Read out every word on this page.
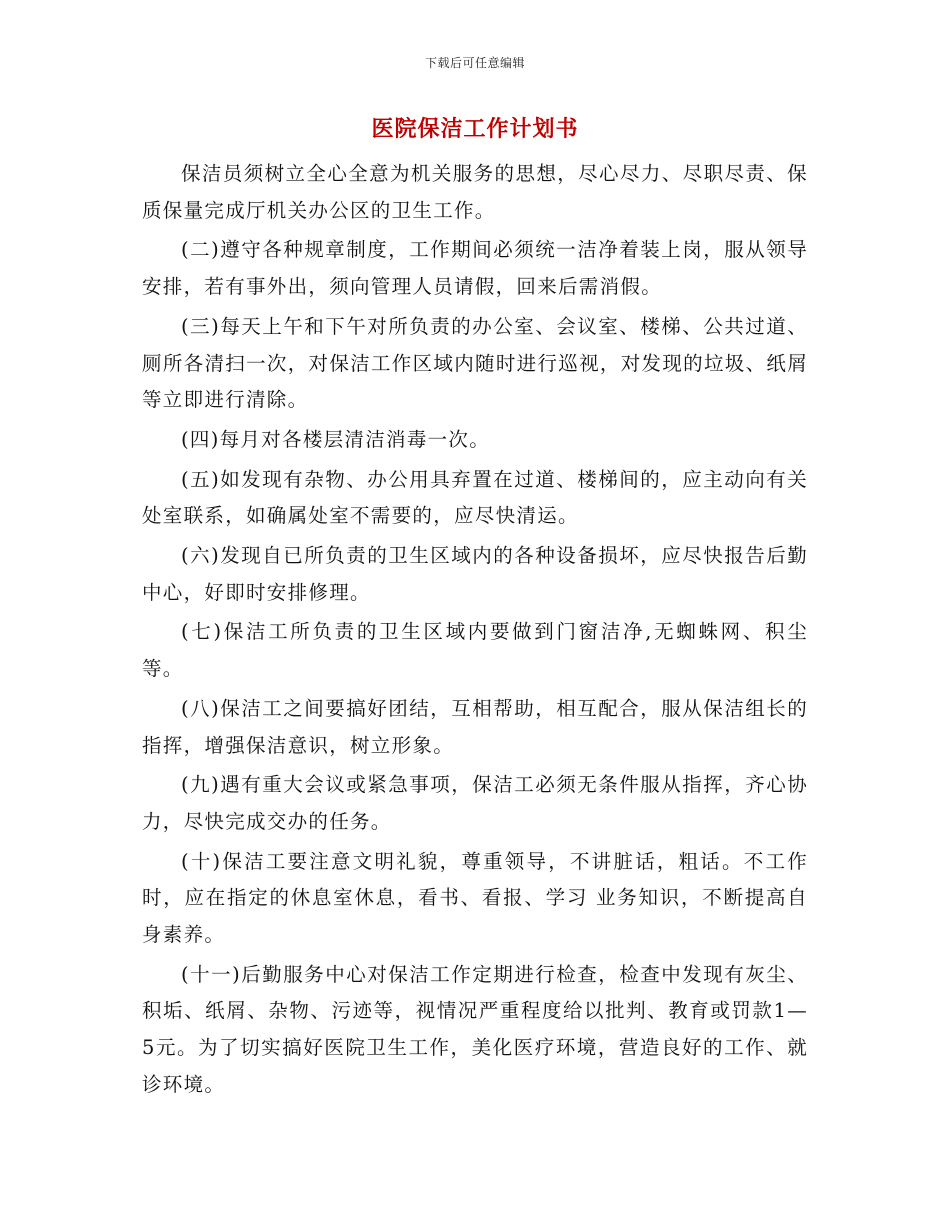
下载后可任意编辑
医院保洁工作计划书

保洁员须树立全心全意为机关服务的思想，尽心尽力、尽职尽责、保质保量完成厅机关办公区的卫生工作。

(二)遵守各种规章制度，工作期间必须统一洁净着装上岗，服从领导安排，若有事外出，须向管理人员请假，回来后需消假。

(三)每天上午和下午对所负责的办公室、会议室、楼梯、公共过道、厕所各清扫一次，对保洁工作区域内随时进行巡视，对发现的垃圾、纸屑等立即进行清除。

(四)每月对各楼层清洁消毒一次。

(五)如发现有杂物、办公用具弃置在过道、楼梯间的，应主动向有关处室联系，如确属处室不需要的，应尽快清运。

(六)发现自已所负责的卫生区域内的各种设备损坏，应尽快报告后勤中心，好即时安排修理。

(七)保洁工所负责的卫生区域内要做到门窗洁净,无蜘蛛网、积尘等。

(八)保洁工之间要搞好团结，互相帮助，相互配合，服从保洁组长的指挥，增强保洁意识，树立形象。

(九)遇有重大会议或紧急事项，保洁工必须无条件服从指挥，齐心协力，尽快完成交办的任务。

(十)保洁工要注意文明礼貌，尊重领导，不讲脏话，粗话。不工作时，应在指定的休息室休息，看书、看报、学习 业务知识，不断提高自身素养。

(十一)后勤服务中心对保洁工作定期进行检查，检查中发现有灰尘、积垢、纸屑、杂物、污迹等，视情况严重程度给以批判、教育或罚款1—5元。为了切实搞好医院卫生工作，美化医疗环境，营造良好的工作、就诊环境。
